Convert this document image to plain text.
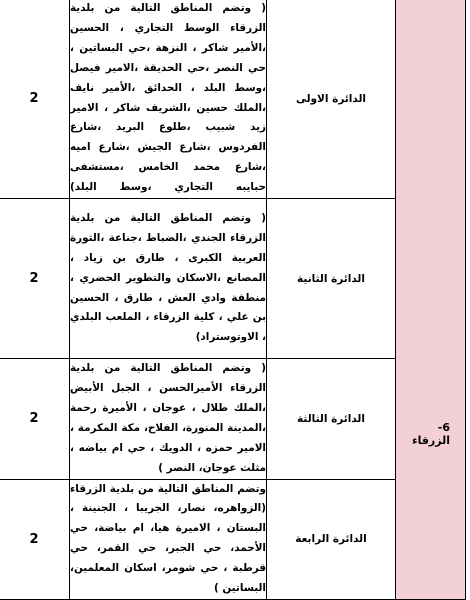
2	( وتضم المناطق التالية من بلدية الزرقاء الوسط التجاري ، الحسين ،الأمير شاكر ، النزهة ،حي البساتين ، حي النصر ،حي الحديقة ،الامير فيصل ،وسط البلد ، الحدائق ،الأمير نايف ،الملك حسين ،الشريف شاكر ، الامير زيد شبيب ،طلوع البريد ،شارع الفردوس ،شارع الجيش ،شارع اميه ،شارع محمد الخامس ،مستشفى حبايبه التجاري ،وسط البلد)	الدائرة الاولى	6- الزرقاء

2	( وتضم المناطق التالية من بلدية الزرقاء الجندي ،الضباط ،جناعة ،الثورة العربية الكبرى ، طارق بن زياد ، المصانع ،الاسكان والتطوير الحضري ، منطقة وادي العش ، طارق ، الحسين بن علي ، كلية الزرقاء ، الملعب البلدي ، الاوتوستراد)	الدائرة الثانية	
2	( وتضم المناطق التالية من بلدية الزرقاء الأميرالحسن ، الجبل الأبيض ،الملك طلال ، عوجان ، الأميرة رحمة ،المدينة المنورة، الفلاح، مكة المكرمة ، الامير حمزه ، الدويك ، حي ام بياضه ، مثلث عوجان، النصر )	الدائرة الثالثة	
2	وتضم المناطق التالية من بلدية الزرقاء (الزواهره، نصار، الجريبا ، الجنينة ، البستان ، الاميرة هيا، ام بياضة، حي الأحمد، حي الجبر، حي القمر، حي قرطبة ، حي شومر، اسكان المعلمين، البساتين )	الدائرة الرابعة	
